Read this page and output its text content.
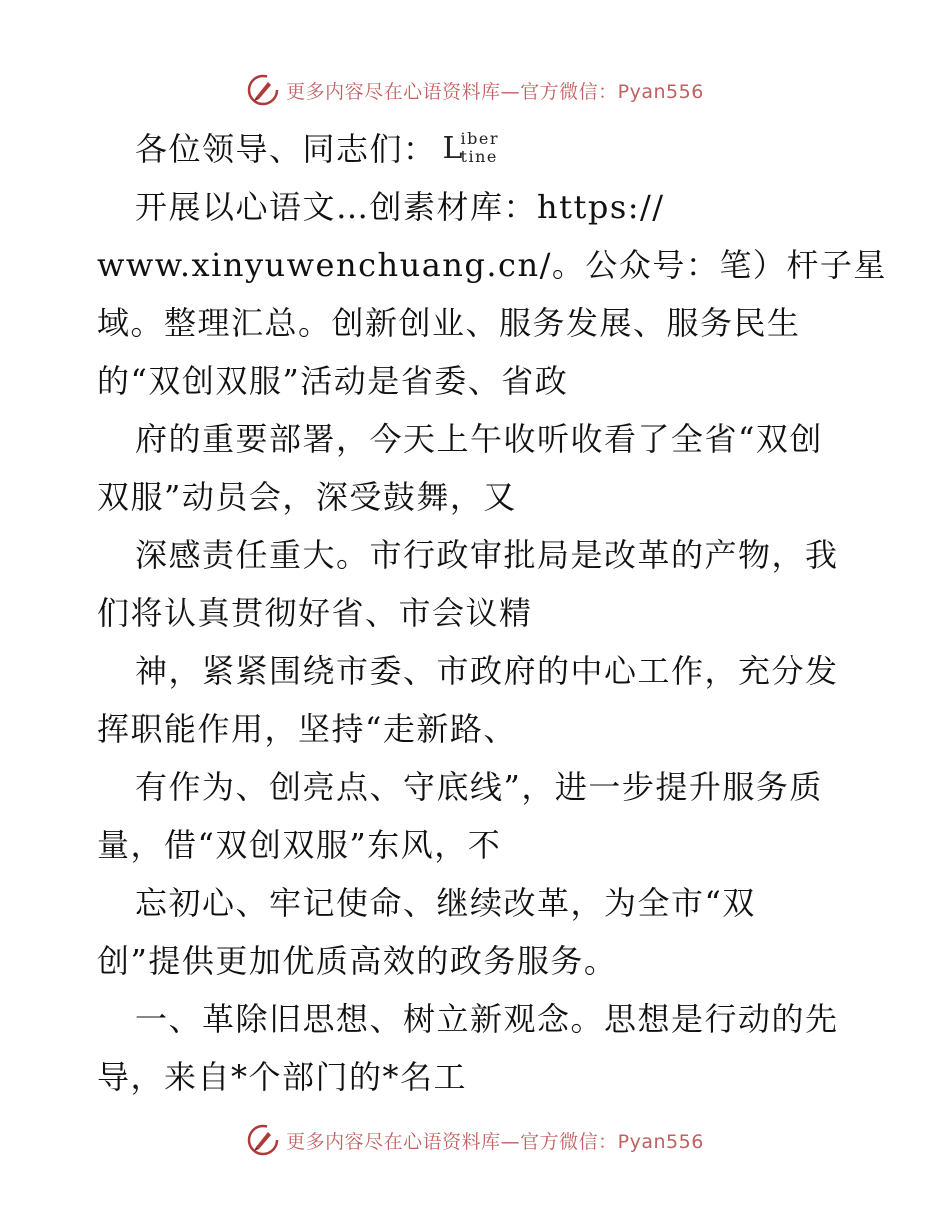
更多内容尽在心语资料库—官方微信：Pyan556
各位领导、同志们： L
iber
tine
开展以心语文…创素材库：https://
www.xinyuwenchuang.cn/。公众号：笔）杆子星
域。整理汇总。创新创业、服务发展、服务民生
的“双创双服”活动是省委、省政
府的重要部署，今天上午收听收看了全省“双创
双服”动员会，深受鼓舞，又
深感责任重大。市行政审批局是改革的产物，我
们将认真贯彻好省、市会议精
神，紧紧围绕市委、市政府的中心工作，充分发
挥职能作用，坚持“走新路、
有作为、创亮点、守底线”，进一步提升服务质
量，借“双创双服”东风，不
忘初心、牢记使命、继续改革，为全市“双
创”提供更加优质高效的政务服务。
一、革除旧思想、树立新观念。思想是行动的先
导，来自*个部门的*名工
更多内容尽在心语资料库—官方微信：Pyan556
